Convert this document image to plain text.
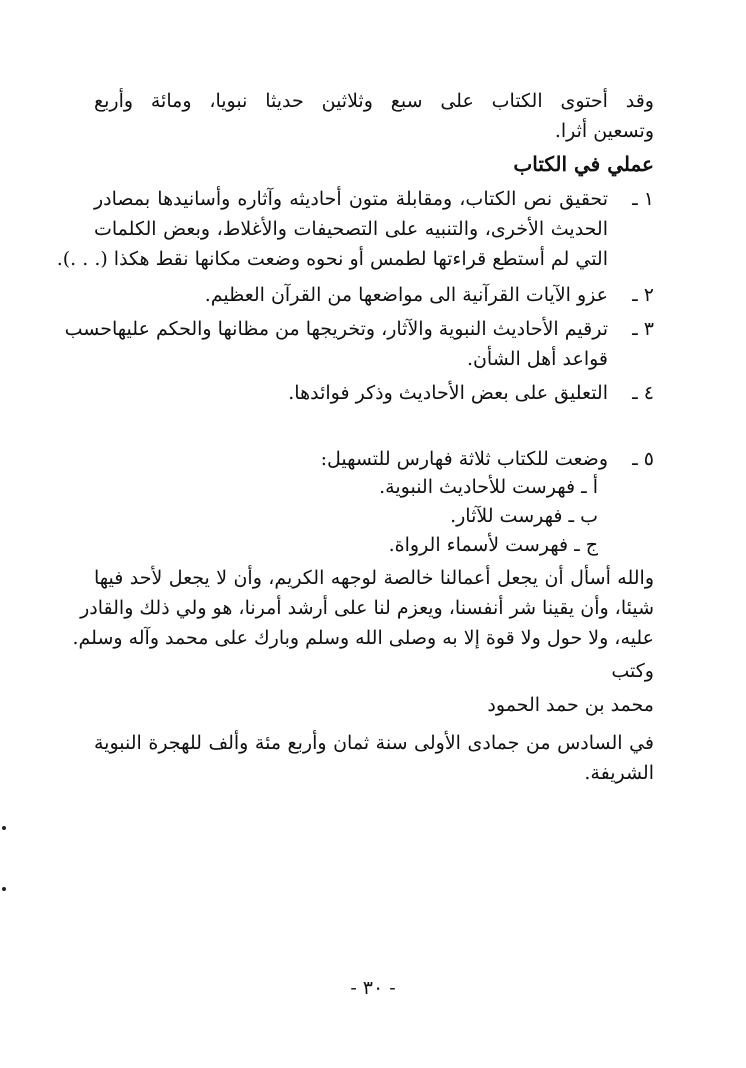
وقد أحتوى الكتاب على سبع وثلاثين حديثا نبويا، ومائة وأربع
وتسعين أثرا.
عملي في الكتاب
١ ـ
تحقيق نص الكتاب، ومقابلة متون أحاديثه وآثاره وأسانيدها بمصادر
الحديث الأخرى، والتنبيه على التصحيفات والأغلاط، وبعض الكلمات
التي لم أستطع قراءتها لطمس أو نحوه وضعت مكانها نقط هكذا (. . .).
٢ ـ
عزو الآيات القرآنية الى مواضعها من القرآن العظيم.
٣ ـ
ترقيم الأحاديث النبوية والآثار، وتخريجها من مظانها والحكم عليهاحسب
قواعد أهل الشأن.
٤ ـ
التعليق على بعض الأحاديث وذكر فوائدها.
٥ ـ
وضعت للكتاب ثلاثة فهارس للتسهيل:
أ ـ فهرست للأحاديث النبوية.
ب ـ فهرست للآثار.
ج ـ فهرست لأسماء الرواة.
والله أسأل أن يجعل أعمالنا خالصة لوجهه الكريم، وأن لا يجعل لأحد فيها
شيئا، وأن يقينا شر أنفسنا، ويعزم لنا على أرشد أمرنا، هو ولي ذلك والقادر
عليه، ولا حول ولا قوة إلا به وصلى الله وسلم وبارك على محمد وآله وسلم.
وكتب
محمد بن حمد الحمود
في السادس من جمادى الأولى سنة ثمان وأربع مئة وألف للهجرة النبوية
الشريفة.
- ٣٠ -
